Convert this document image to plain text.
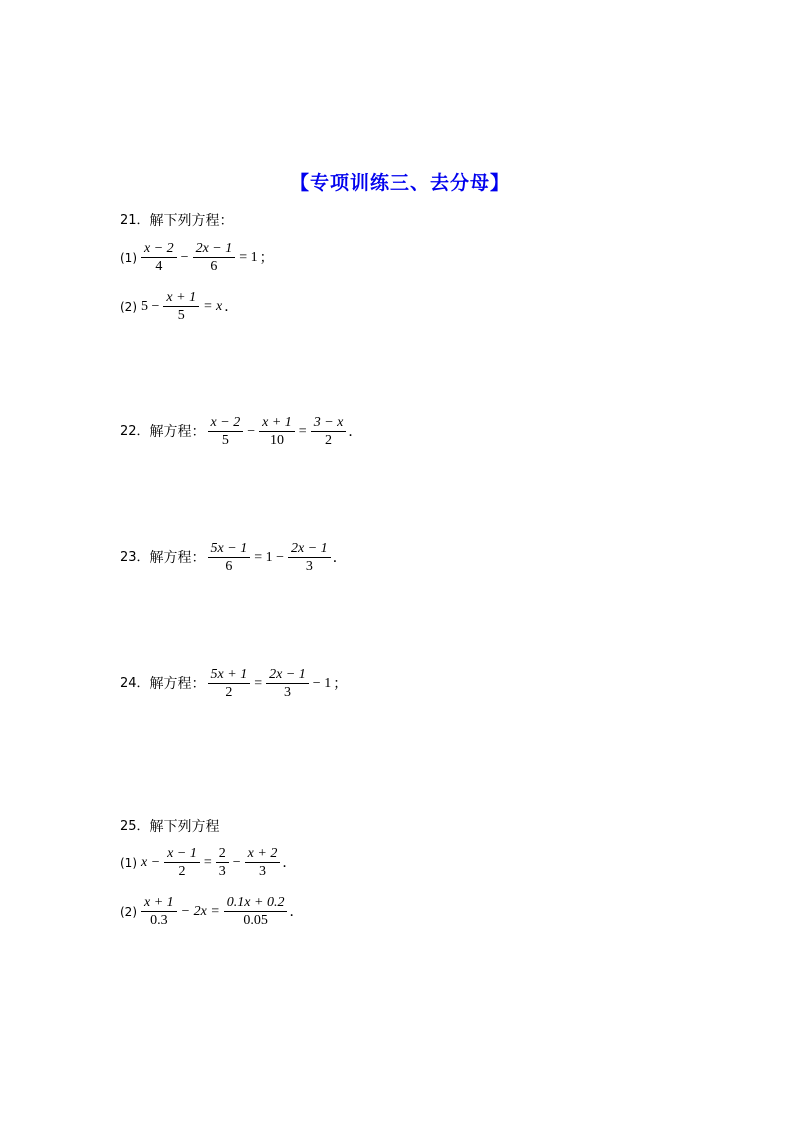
【专项训练三、去分母】
21． 解下列方程：
$(1) \frac{x - 2}{4} - \frac{2x - 1}{6} = 1$ ；
(2) $5 - \frac{x + 1}{5} = x$ ．
22． 解方程： $\frac{x - 2}{5} - \frac{x + 1}{10} = \frac{3 - x}{2}$ ．
23． 解方程： $\frac{5x - 1}{6} = 1 - \frac{2x - 1}{3}$ ．
24． 解方程： $\frac{5x + 1}{2} = \frac{2x - 1}{3} - 1$ ；
25． 解下列方程
(1) $x - \frac{x - 1}{2} = \frac{2}{3} - \frac{x + 2}{3}$ ．
$(2) \frac{x + 1}{0.3} - 2x = \frac{0.1x + 0.2}{0.05}$ ．
